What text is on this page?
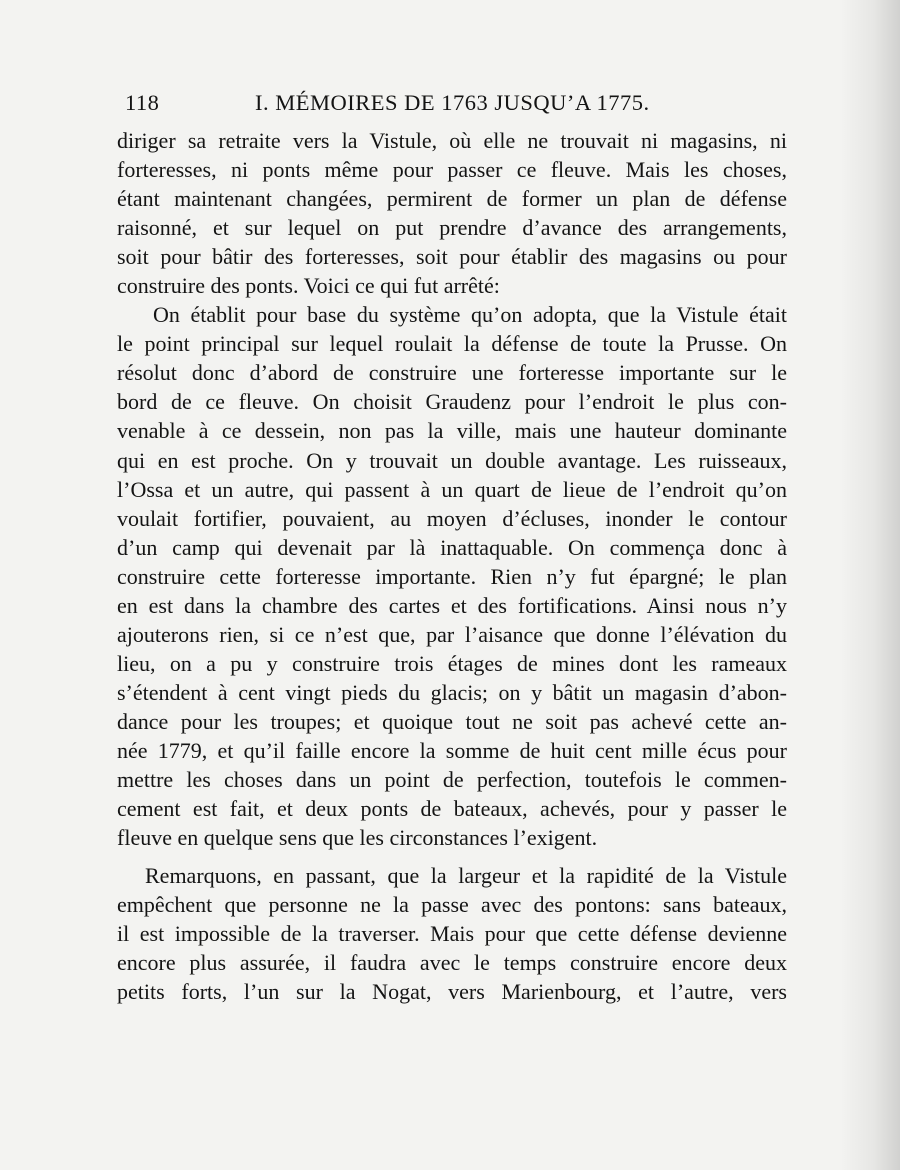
118	I. MÉMOIRES DE 1763 JUSQU’A 1775.
diriger sa retraite vers la Vistule, où elle ne trouvait ni magasins, ni
forteresses, ni ponts même pour passer ce fleuve. Mais les choses,
étant maintenant changées, permirent de former un plan de défense
raisonné, et sur lequel on put prendre d’avance des arrangements,
soit pour bâtir des forteresses, soit pour établir des magasins ou pour
construire des ponts. Voici ce qui fut arrêté:
On établit pour base du système qu’on adopta, que la Vistule était
le point principal sur lequel roulait la défense de toute la Prusse. On
résolut donc d’abord de construire une forteresse importante sur le
bord de ce fleuve. On choisit Graudenz pour l’endroit le plus con-
venable à ce dessein, non pas la ville, mais une hauteur dominante
qui en est proche. On y trouvait un double avantage. Les ruisseaux,
l’Ossa et un autre, qui passent à un quart de lieue de l’endroit qu’on
voulait fortifier, pouvaient, au moyen d’écluses, inonder le contour
d’un camp qui devenait par là inattaquable. On commença donc à
construire cette forteresse importante. Rien n’y fut épargné; le plan
en est dans la chambre des cartes et des fortifications. Ainsi nous n’y
ajouterons rien, si ce n’est que, par l’aisance que donne l’élévation du
lieu, on a pu y construire trois étages de mines dont les rameaux
s’étendent à cent vingt pieds du glacis; on y bâtit un magasin d’abon-
dance pour les troupes; et quoique tout ne soit pas achevé cette an-
née 1779, et qu’il faille encore la somme de huit cent mille écus pour
mettre les choses dans un point de perfection, toutefois le commen-
cement est fait, et deux ponts de bateaux, achevés, pour y passer le
fleuve en quelque sens que les circonstances l’exigent.
Remarquons, en passant, que la largeur et la rapidité de la Vistule
empêchent que personne ne la passe avec des pontons: sans bateaux,
il est impossible de la traverser. Mais pour que cette défense devienne
encore plus assurée, il faudra avec le temps construire encore deux
petits forts, l’un sur la Nogat, vers Marienbourg, et l’autre, vers
